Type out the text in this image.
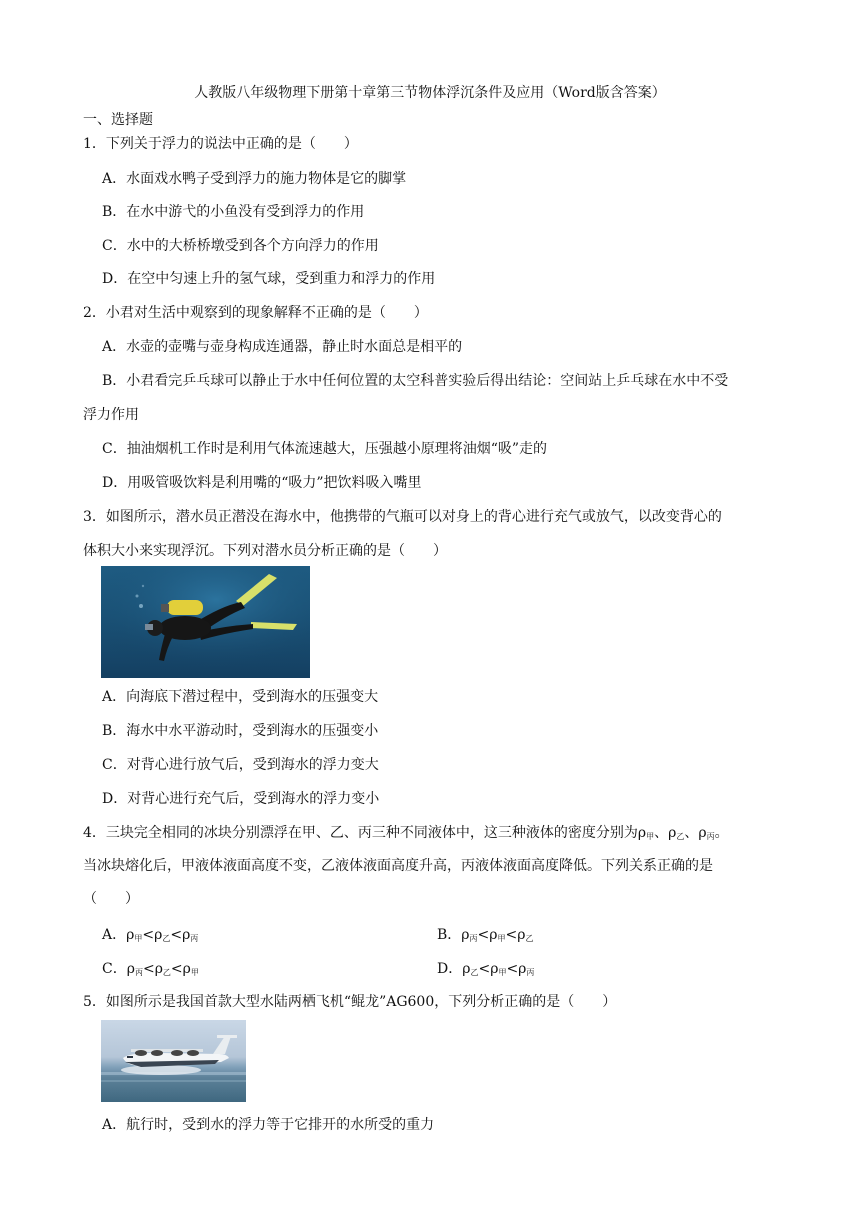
人教版八年级物理下册第十章第三节物体浮沉条件及应用（Word版含答案）
一、选择题
1．下列关于浮力的说法中正确的是（　　）
A．水面戏水鸭子受到浮力的施力物体是它的脚掌
B．在水中游弋的小鱼没有受到浮力的作用
C．水中的大桥桥墩受到各个方向浮力的作用
D．在空中匀速上升的氢气球，受到重力和浮力的作用
2．小君对生活中观察到的现象解释不正确的是（　　）
A．水壶的壶嘴与壶身构成连通器，静止时水面总是相平的
B．小君看完乒乓球可以静止于水中任何位置的太空科普实验后得出结论：空间站上乒乓球在水中不受
浮力作用
C．抽油烟机工作时是利用气体流速越大，压强越小原理将油烟“吸”走的
D．用吸管吸饮料是利用嘴的“吸力”把饮料吸入嘴里
3．如图所示，潜水员正潜没在海水中，他携带的气瓶可以对身上的背心进行充气或放气，以改变背心的
体积大小来实现浮沉。下列对潜水员分析正确的是（　　）
A．向海底下潜过程中，受到海水的压强变大
B．海水中水平游动时，受到海水的压强变小
C．对背心进行放气后，受到海水的浮力变大
D．对背心进行充气后，受到海水的浮力变小
4．三块完全相同的冰块分别漂浮在甲、乙、丙三种不同液体中，这三种液体的密度分别为$\rho_甲$、$\rho_乙$、$\rho_丙$。
当冰块熔化后，甲液体液面高度不变，乙液体液面高度升高，丙液体液面高度降低。下列关系正确的是
（　　）
A．$\rho_甲<\rho_乙<\rho_丙$	B．$\rho_丙<\rho_甲<\rho_乙$
C．$\rho_丙<\rho_乙<\rho_甲$	D．$\rho_乙<\rho_甲<\rho_丙$
5．如图所示是我国首款大型水陆两栖飞机“鲲龙”AG600，下列分析正确的是（　　）
A．航行时，受到水的浮力等于它排开的水所受的重力
